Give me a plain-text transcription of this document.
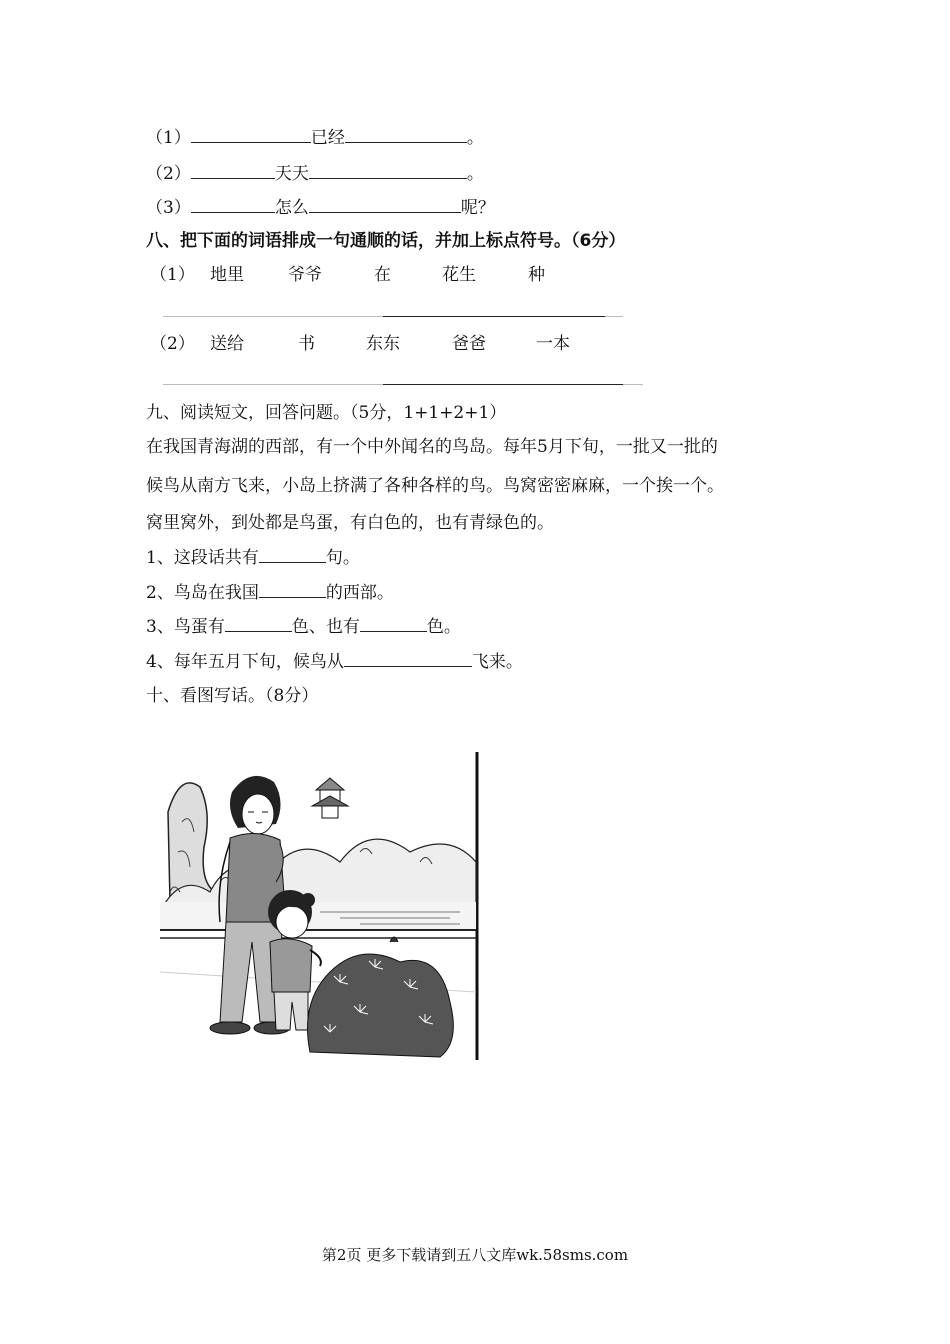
（1）	已经	。
（2）	天天	。
（3）	怎么	呢？
八、把下面的词语排成一句通顺的话，并加上标点符号。（6分）
（1） 地里	爷爷	在	花生	种
（2） 送给	书	东东	爸爸	一本
九、阅读短文，回答问题。（5分，1+1+2+1）
在我国青海湖的西部，有一个中外闻名的鸟岛。每年5月下旬，一批又一批的
候鸟从南方飞来，小岛上挤满了各种各样的鸟。鸟窝密密麻麻，一个挨一个。
窝里窝外，到处都是鸟蛋，有白色的，也有青绿色的。
1、这段话共有	句。
2、鸟岛在我国	的西部。
3、鸟蛋有	色、也有	色。
4、每年五月下旬，候鸟从	飞来。
十、看图写话。（8分）
第2页 更多下载请到五八文库wk.58sms.com
